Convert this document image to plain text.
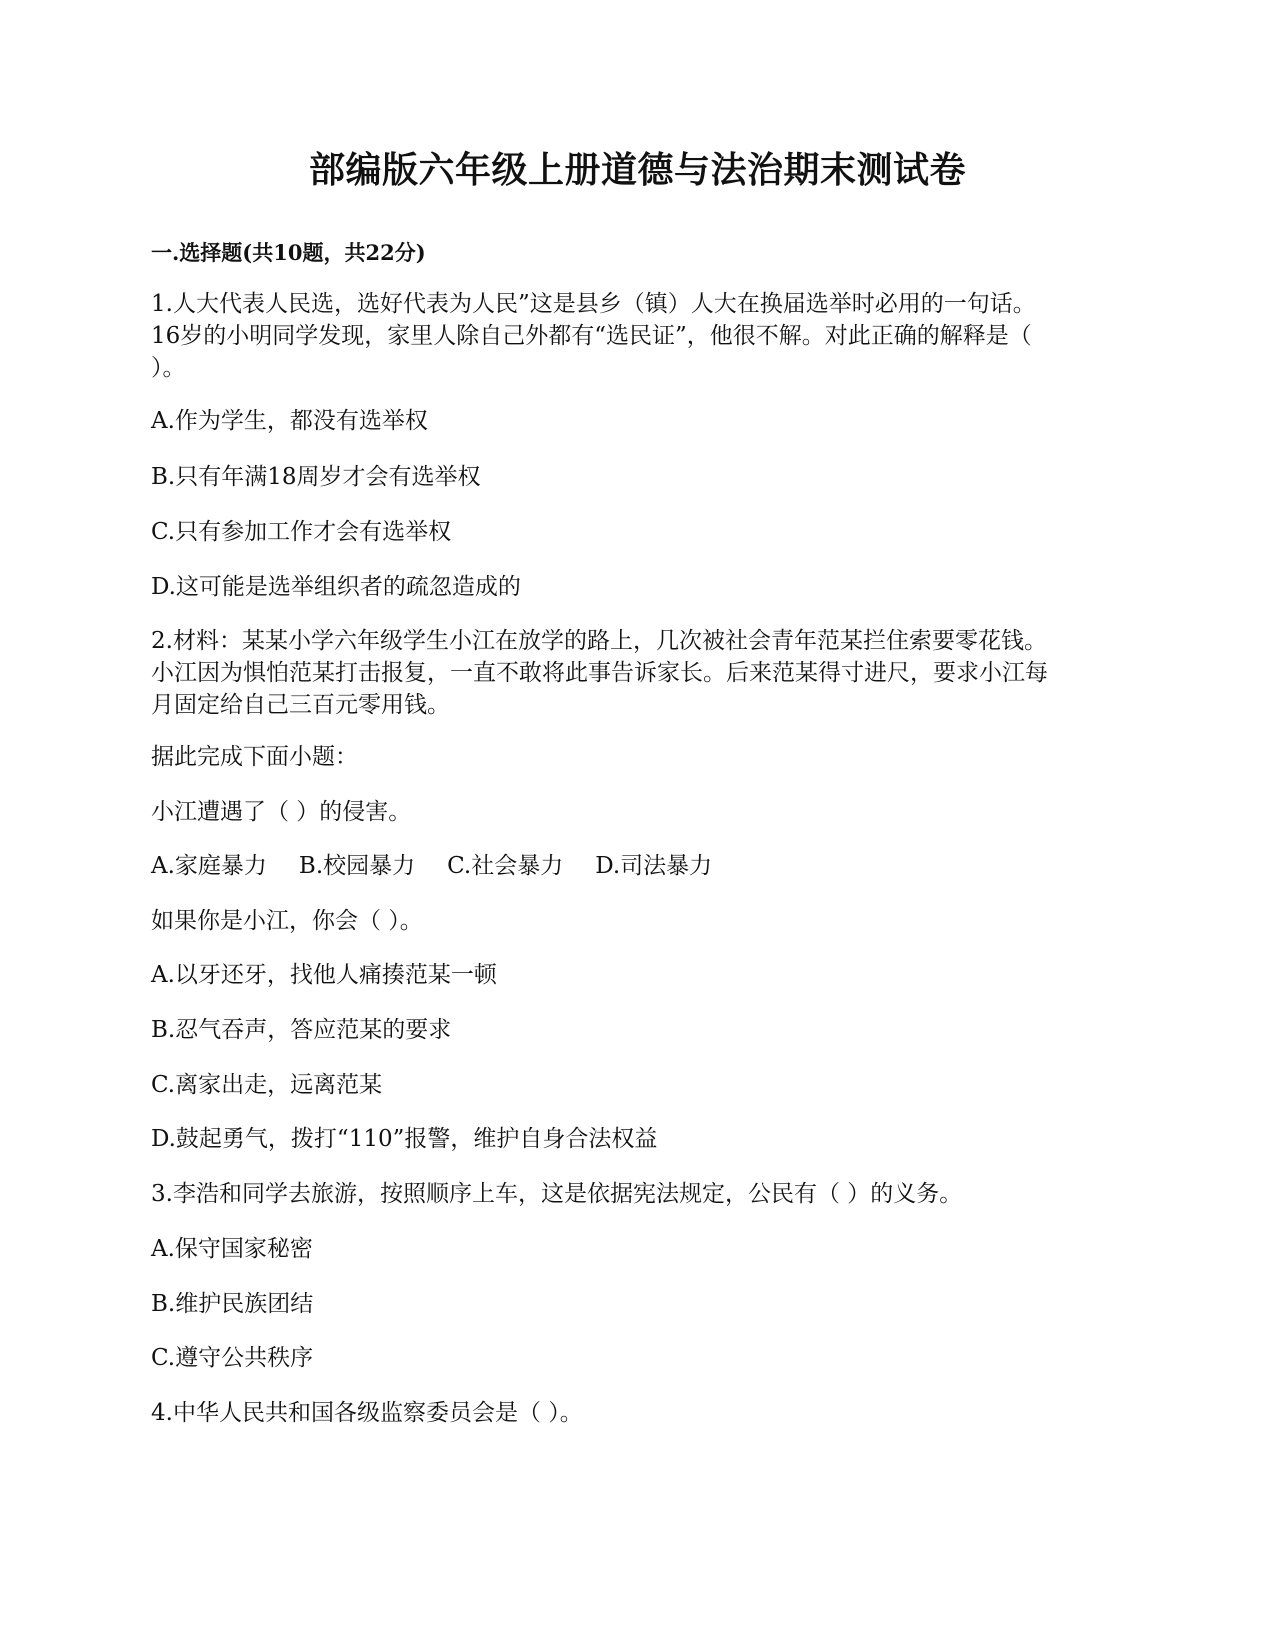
部编版六年级上册道德与法治期末测试卷
一.选择题(共10题，共22分)
1.人大代表人民选，选好代表为人民”这是县乡（镇）人大在换届选举时必用的一句话。
16岁的小明同学发现，家里人除自己外都有“选民证”，他很不解。对此正确的解释是（
）。
A.作为学生，都没有选举权
B.只有年满18周岁才会有选举权
C.只有参加工作才会有选举权
D.这可能是选举组织者的疏忽造成的
2.材料：某某小学六年级学生小江在放学的路上，几次被社会青年范某拦住索要零花钱。
小江因为惧怕范某打击报复，一直不敢将此事告诉家长。后来范某得寸进尺，要求小江每
月固定给自己三百元零用钱。
据此完成下面小题：
小江遭遇了（ ）的侵害。
A.家庭暴力 B.校园暴力 C.社会暴力 D.司法暴力
如果你是小江，你会（ ）。
A.以牙还牙，找他人痛揍范某一顿
B.忍气吞声，答应范某的要求
C.离家出走，远离范某
D.鼓起勇气，拨打“110”报警，维护自身合法权益
3.李浩和同学去旅游，按照顺序上车，这是依据宪法规定，公民有（ ）的义务。
A.保守国家秘密
B.维护民族团结
C.遵守公共秩序
4.中华人民共和国各级监察委员会是（ ）。
